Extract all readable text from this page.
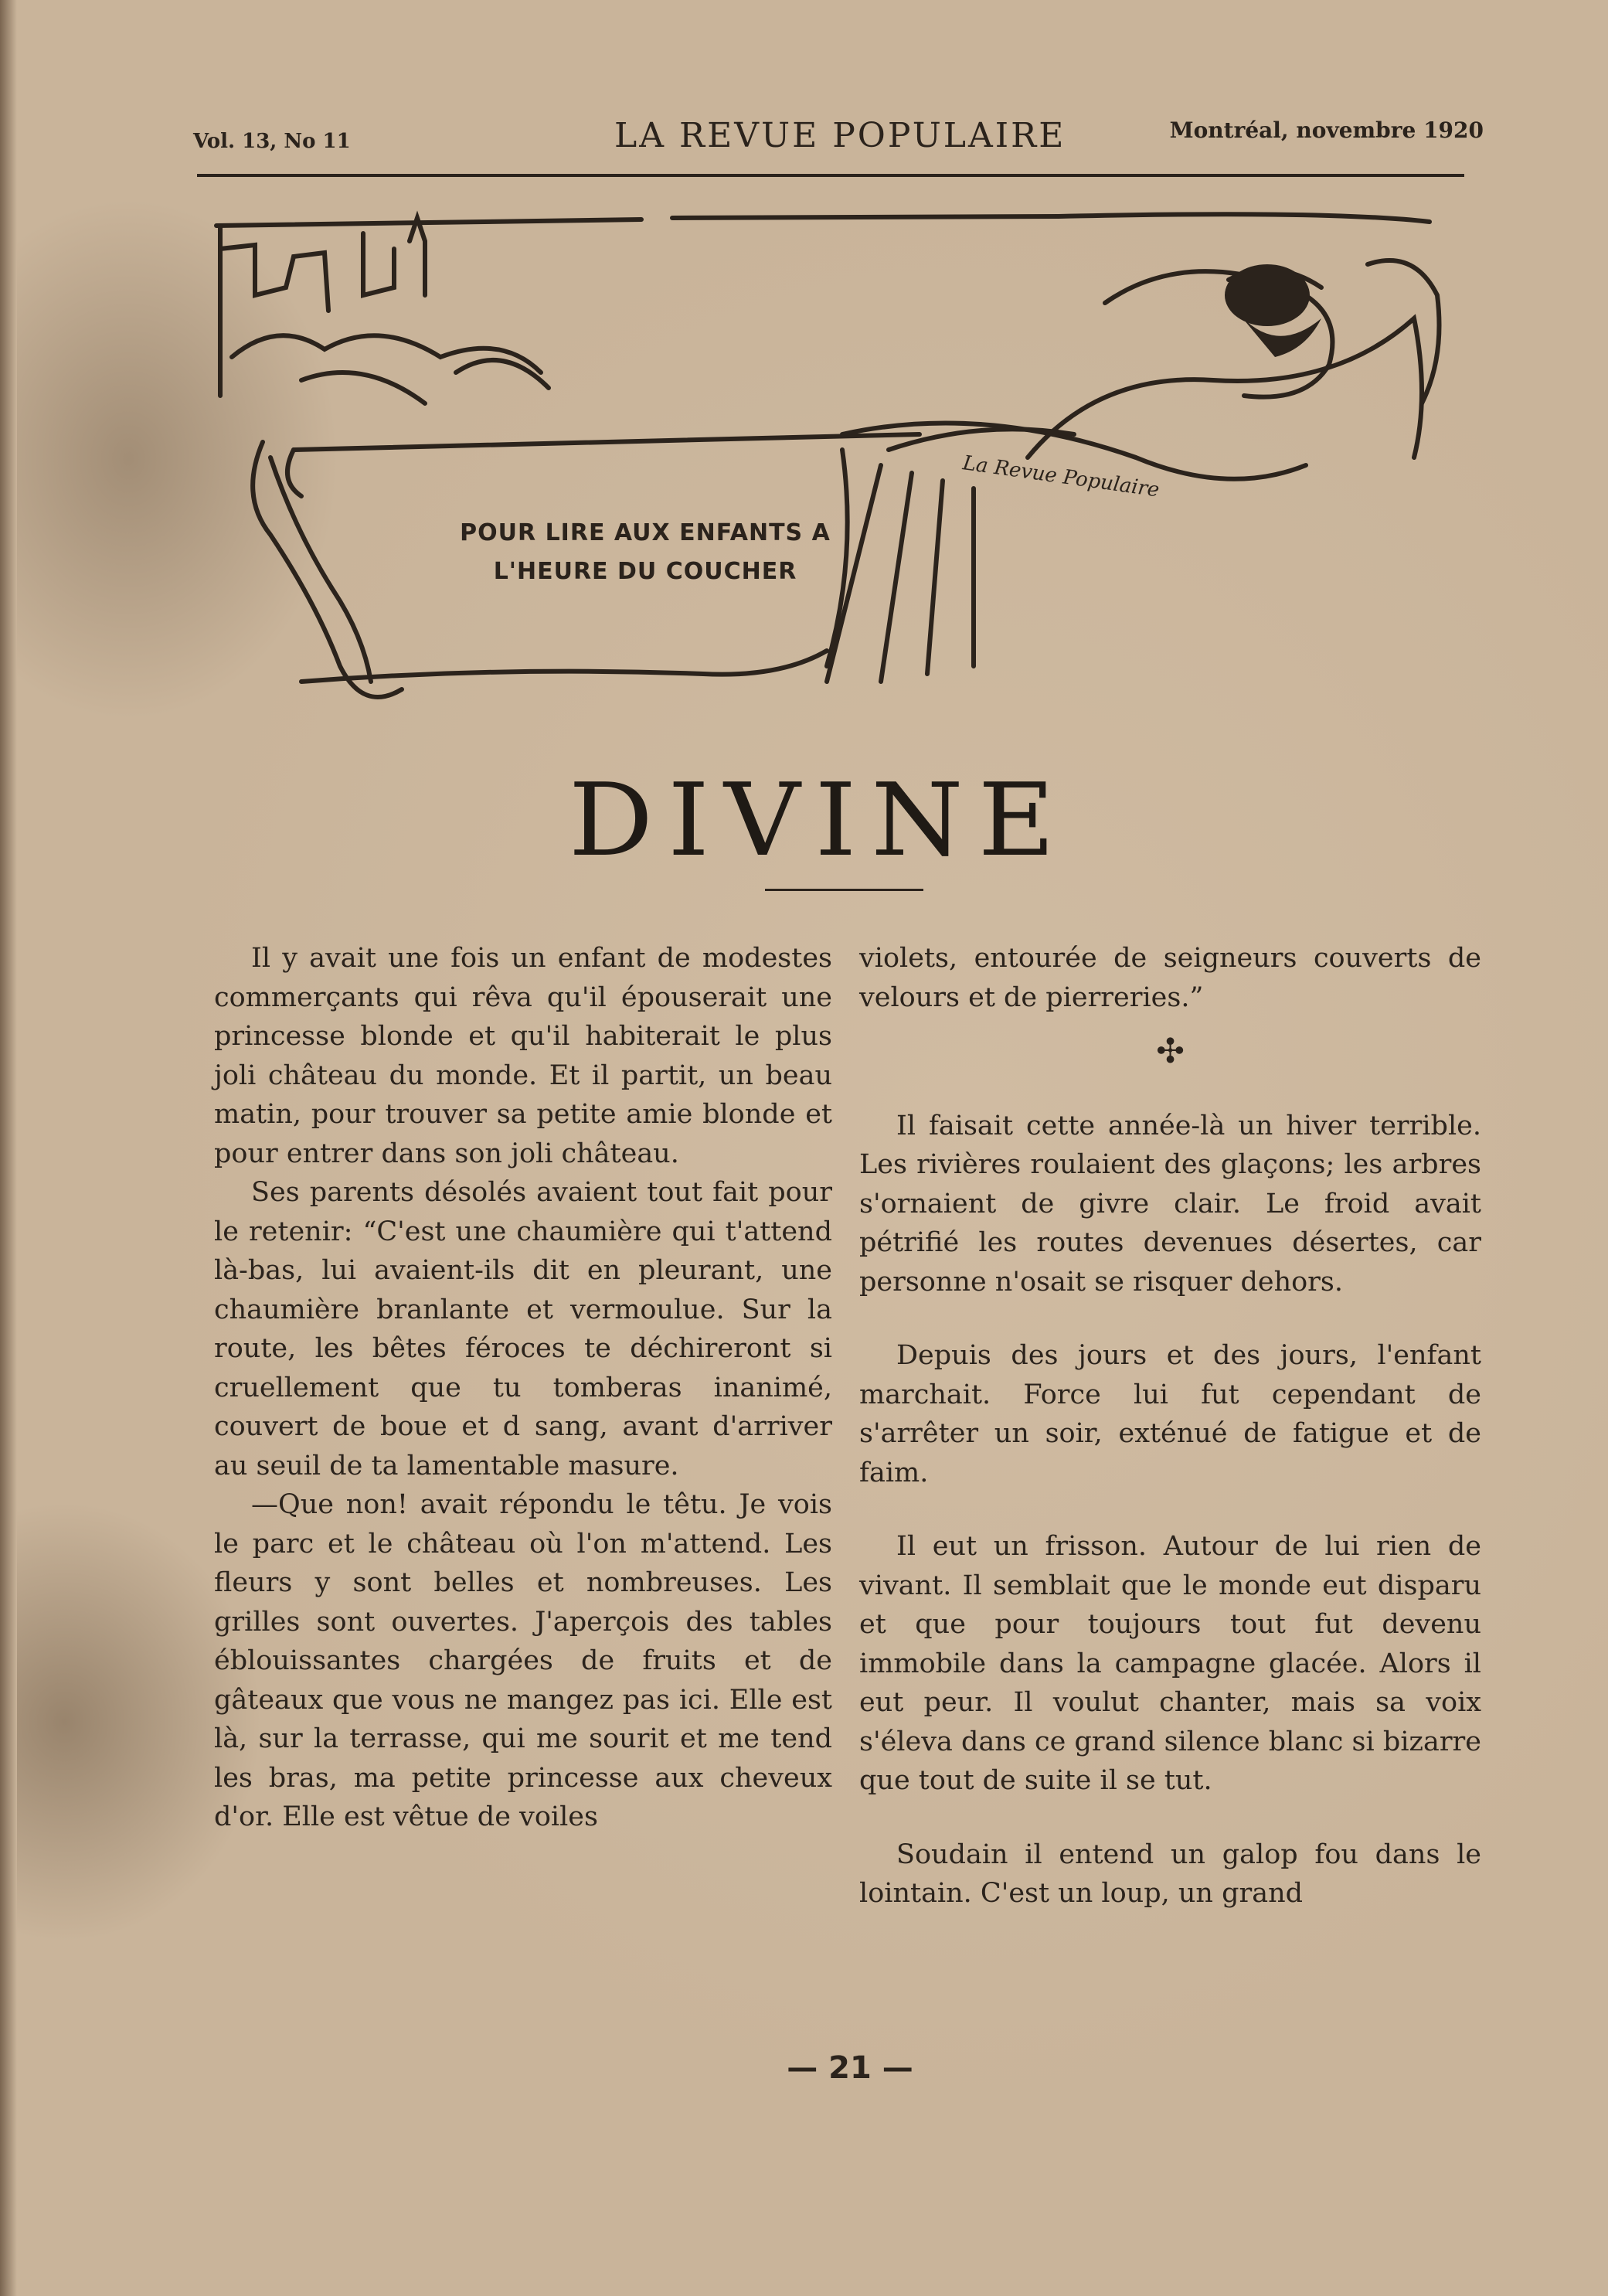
Vol. 13, No 11	LA REVUE POPULAIRE	Montréal, novembre 1920
La Revue Populaire
POUR LIRE AUX ENFANTS A
L'HEURE DU COUCHER
DIVINE

Il y avait une fois un enfant de modestes commerçants qui rêva qu'il épouserait une princesse blonde et qu'il habiterait le plus joli château du monde. Et il partit, un beau matin, pour trouver sa petite amie blonde et pour entrer dans son joli château.

Ses parents désolés avaient tout fait pour le retenir: “C'est une chaumière qui t'attend là-bas, lui avaient-ils dit en pleurant, une chaumière branlante et vermoulue. Sur la route, les bêtes féroces te déchireront si cruellement que tu tomberas inanimé, couvert de boue et d sang, avant d'arriver au seuil de ta lamentable masure.

—Que non! avait répondu le têtu. Je vois le parc et le château où l'on m'attend. Les fleurs y sont belles et nombreuses. Les grilles sont ouvertes. J'aperçois des tables éblouissantes chargées de fruits et de gâteaux que vous ne mangez pas ici. Elle est là, sur la terrasse, qui me sourit et me tend les bras, ma petite princesse aux cheveux d'or. Elle est vêtue de voiles

violets, entourée de seigneurs couverts de velours et de pierreries.”

✣

Il faisait cette année-là un hiver terrible. Les rivières roulaient des glaçons; les arbres s'ornaient de givre clair. Le froid avait pétrifié les routes devenues désertes, car personne n'osait se risquer dehors.

Depuis des jours et des jours, l'enfant marchait. Force lui fut cependant de s'arrêter un soir, exténué de fatigue et de faim.

Il eut un frisson. Autour de lui rien de vivant. Il semblait que le monde eut disparu et que pour toujours tout fut devenu immobile dans la campagne glacée. Alors il eut peur. Il voulut chanter, mais sa voix s'éleva dans ce grand silence blanc si bizarre que tout de suite il se tut.

Soudain il entend un galop fou dans le lointain. C'est un loup, un grand

— 21 —
